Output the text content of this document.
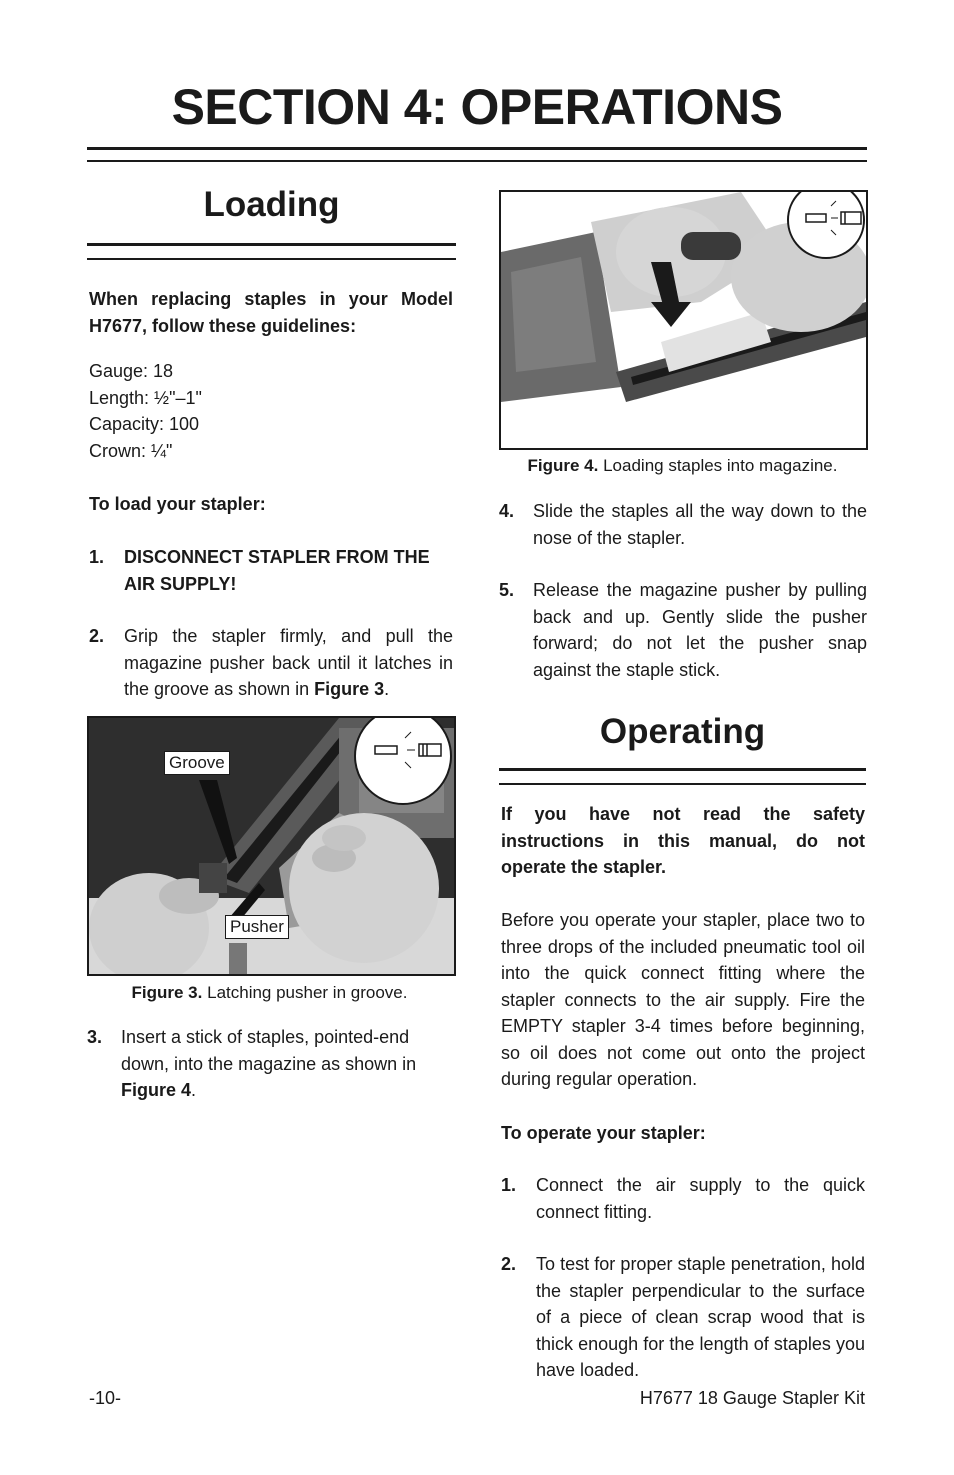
SECTION 4: OPERATIONS
Loading
When replacing staples in your Model H7677, follow these guidelines:
Gauge: 18
Length: ½"–1"
Capacity: 100
Crown: ¼"
To load your stapler:
1. DISCONNECT STAPLER FROM THE AIR SUPPLY!
2. Grip the stapler firmly, and pull the magazine pusher back until it latches in the groove as shown in Figure 3.
Groove
Pusher
Figure 3. Latching pusher in groove.
3. Insert a stick of staples, pointed-end down, into the magazine as shown in Figure 4.
Figure 4. Loading staples into magazine.
4. Slide the staples all the way down to the nose of the stapler.
5. Release the magazine pusher by pulling back and up. Gently slide the pusher forward; do not let the pusher snap against the staple stick.
Operating
If you have not read the safety instructions in this manual, do not operate the stapler.
Before you operate your stapler, place two to three drops of the included pneumatic tool oil into the quick connect fitting where the stapler connects to the air supply. Fire the EMPTY stapler 3-4 times before beginning, so oil does not come out onto the project during regular operation.
To operate your stapler:
1. Connect the air supply to the quick connect fitting.
2. To test for proper staple penetration, hold the stapler perpendicular to the surface of a piece of clean scrap wood that is thick enough for the length of staples you have loaded.
-10-	H7677 18 Gauge Stapler Kit
